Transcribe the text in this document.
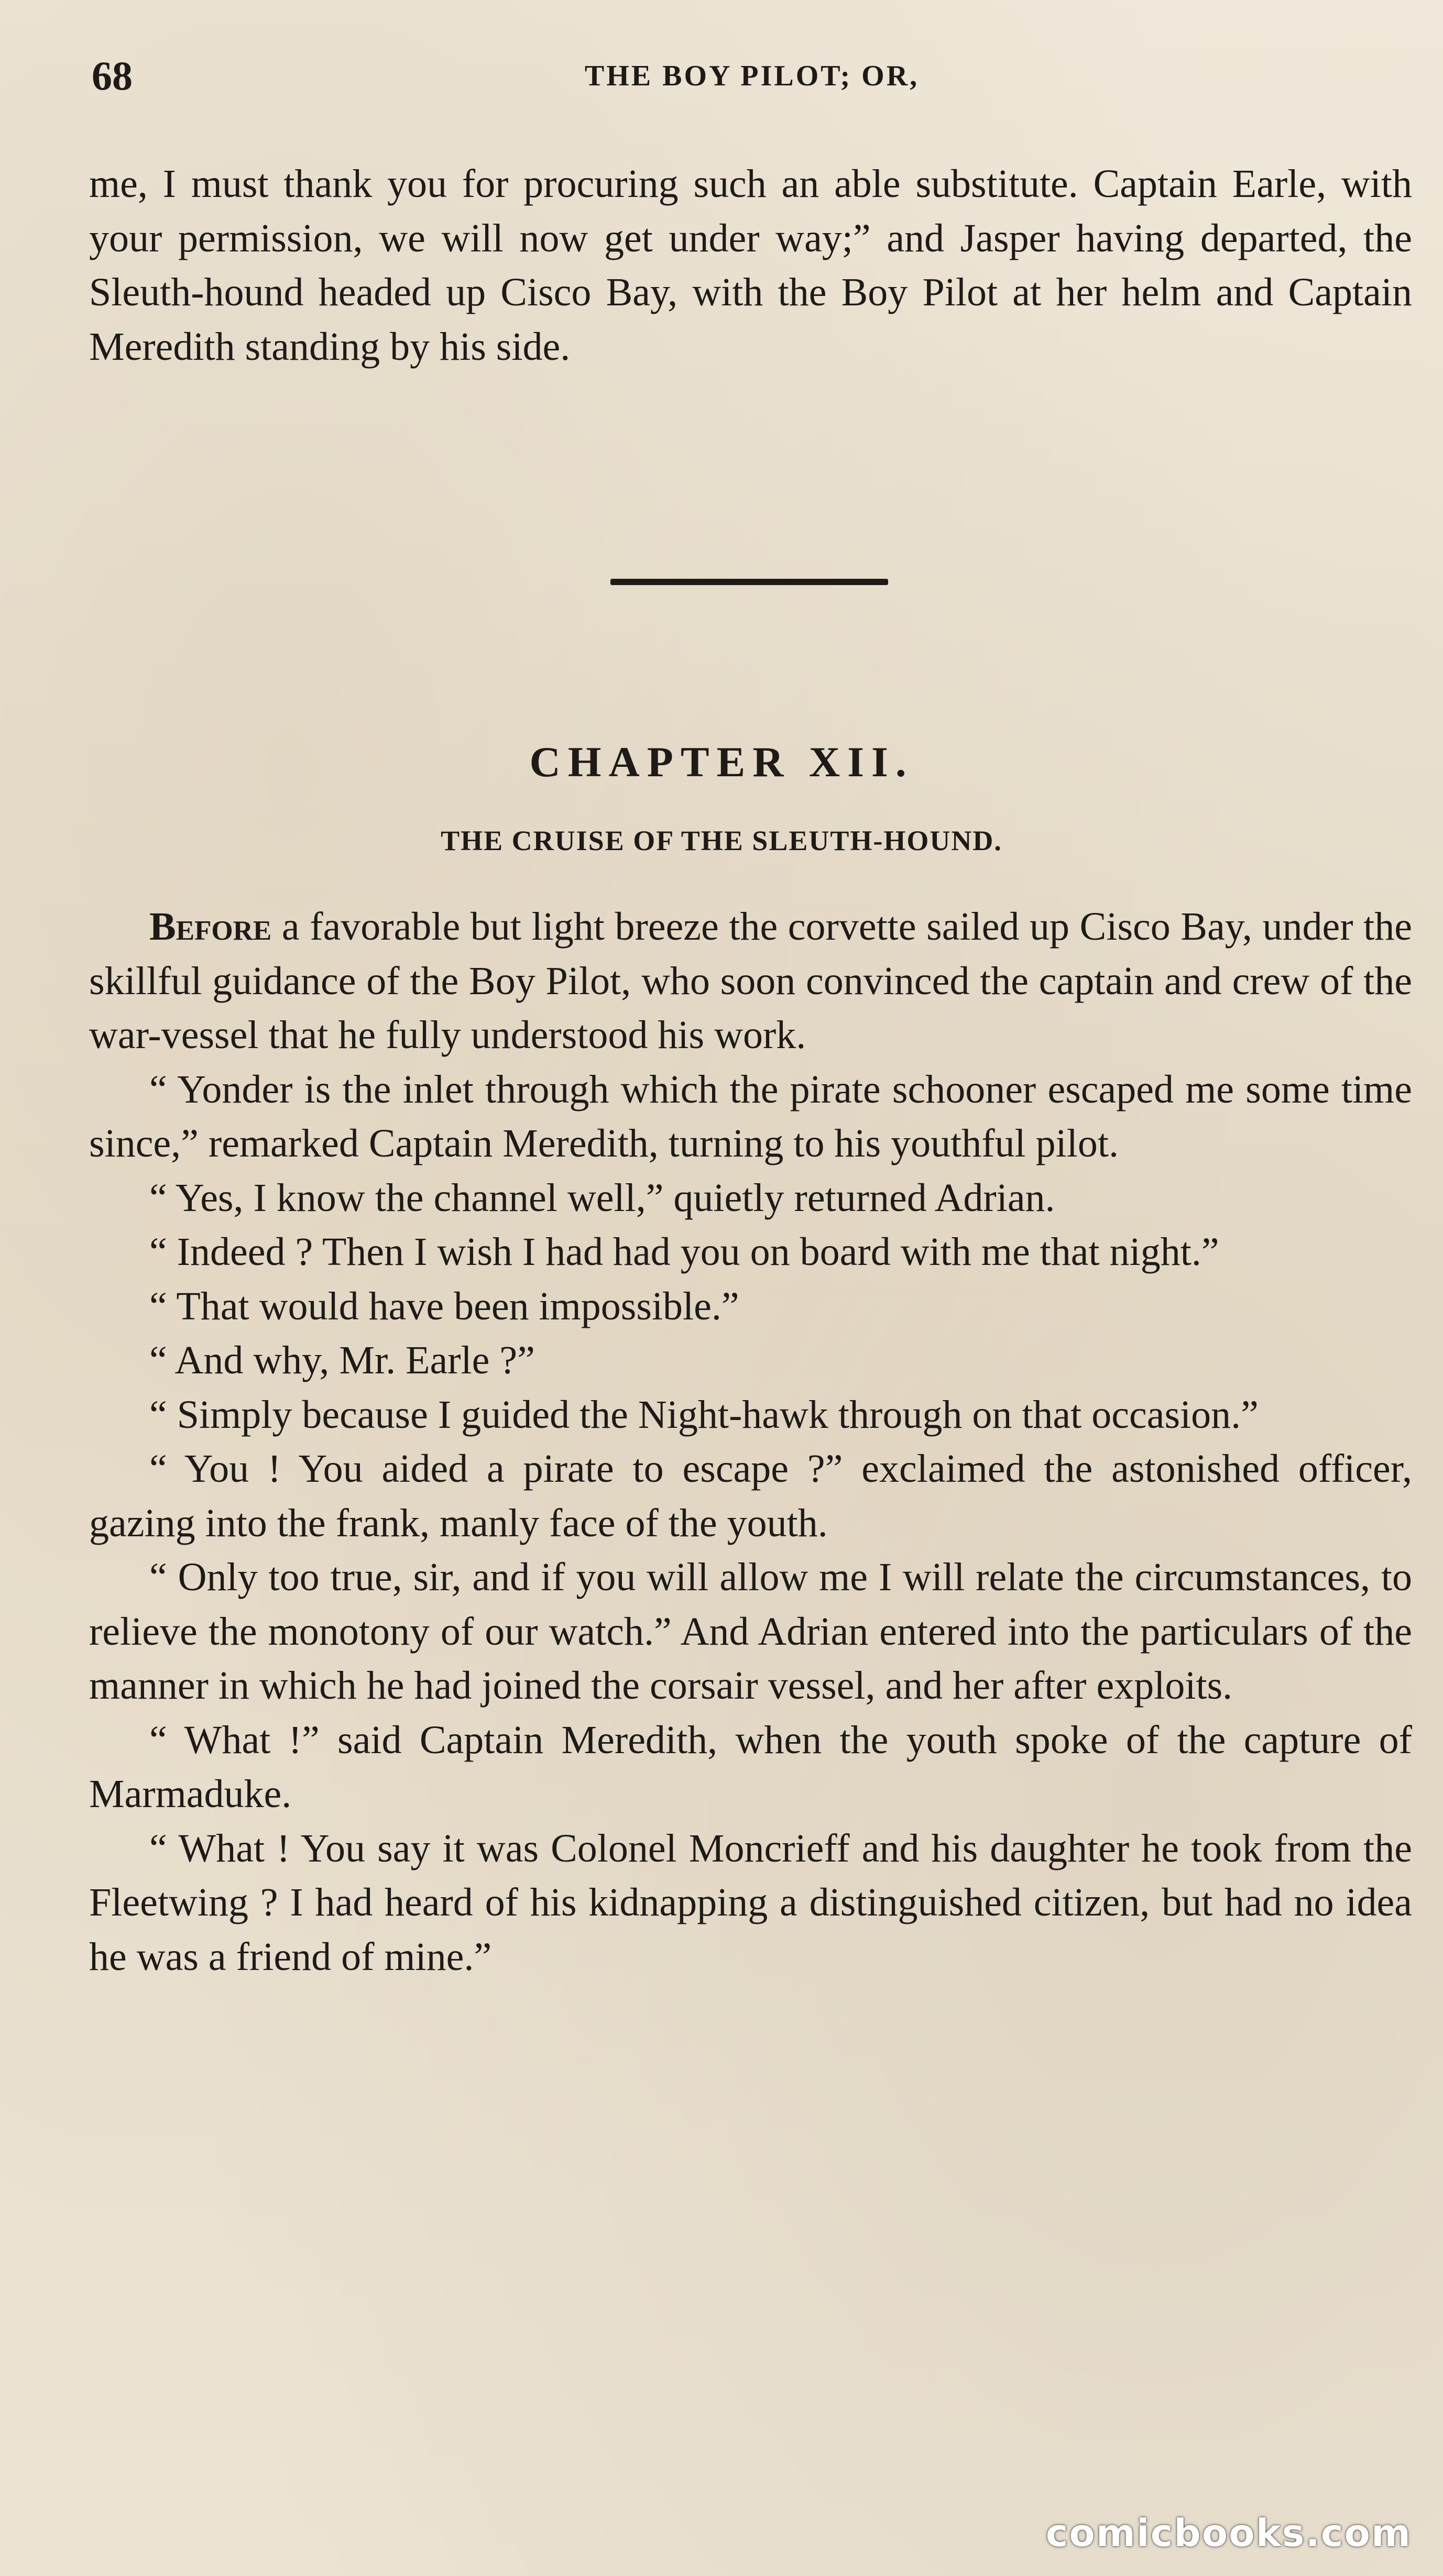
68	THE BOY PILOT; OR,

me, I must thank you for procuring such an able substitute. Captain Earle, with your permission, we will now get under way;” and Jasper having departed, the Sleuth-hound headed up Cisco Bay, with the Boy Pilot at her helm and Captain Meredith standing by his side.

CHAPTER XII.
THE CRUISE OF THE SLEUTH-HOUND.

Before a favorable but light breeze the corvette sailed up Cisco Bay, under the skillful guidance of the Boy Pilot, who soon convinced the captain and crew of the war-vessel that he fully understood his work.

“ Yonder is the inlet through which the pirate schooner escaped me some time since,” remarked Captain Meredith, turning to his youthful pilot.

“ Yes, I know the channel well,” quietly returned Adrian.

“ Indeed ? Then I wish I had had you on board with me that night.”

“ That would have been impossible.”

“ And why, Mr. Earle ?”

“ Simply because I guided the Night-hawk through on that occasion.”

“ You ! You aided a pirate to escape ?” exclaimed the astonished officer, gazing into the frank, manly face of the youth.

“ Only too true, sir, and if you will allow me I will relate the circumstances, to relieve the monotony of our watch.” And Adrian entered into the particulars of the manner in which he had joined the corsair vessel, and her after exploits.

“ What !” said Captain Meredith, when the youth spoke of the capture of Marmaduke.

“ What ! You say it was Colonel Moncrieff and his daughter he took from the Fleetwing ? I had heard of his kidnapping a distinguished citizen, but had no idea he was a friend of mine.”

comicbooks.com
